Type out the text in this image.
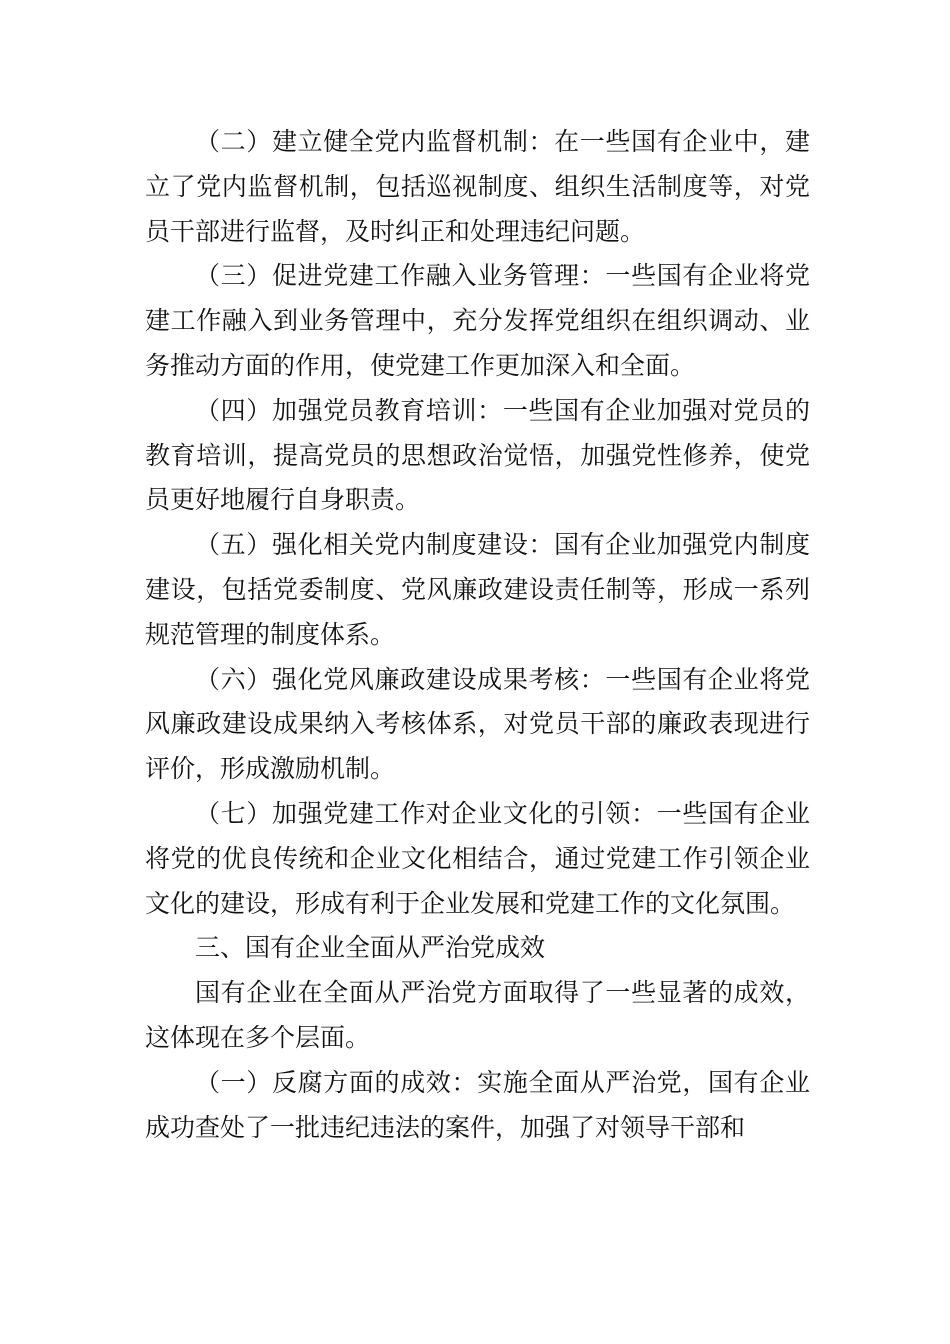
（二）建立健全党内监督机制：在一些国有企业中，建立了党内监督机制，包括巡视制度、组织生活制度等，对党员干部进行监督，及时纠正和处理违纪问题。

（三）促进党建工作融入业务管理：一些国有企业将党建工作融入到业务管理中，充分发挥党组织在组织调动、业务推动方面的作用，使党建工作更加深入和全面。

（四）加强党员教育培训：一些国有企业加强对党员的教育培训，提高党员的思想政治觉悟，加强党性修养，使党员更好地履行自身职责。

（五）强化相关党内制度建设：国有企业加强党内制度建设，包括党委制度、党风廉政建设责任制等，形成一系列规范管理的制度体系。

（六）强化党风廉政建设成果考核：一些国有企业将党风廉政建设成果纳入考核体系，对党员干部的廉政表现进行评价，形成激励机制。

（七）加强党建工作对企业文化的引领：一些国有企业将党的优良传统和企业文化相结合，通过党建工作引领企业文化的建设，形成有利于企业发展和党建工作的文化氛围。

三、国有企业全面从严治党成效

国有企业在全面从严治党方面取得了一些显著的成效，这体现在多个层面。

（一）反腐方面的成效：实施全面从严治党，国有企业成功查处了一批违纪违法的案件，加强了对领导干部和
